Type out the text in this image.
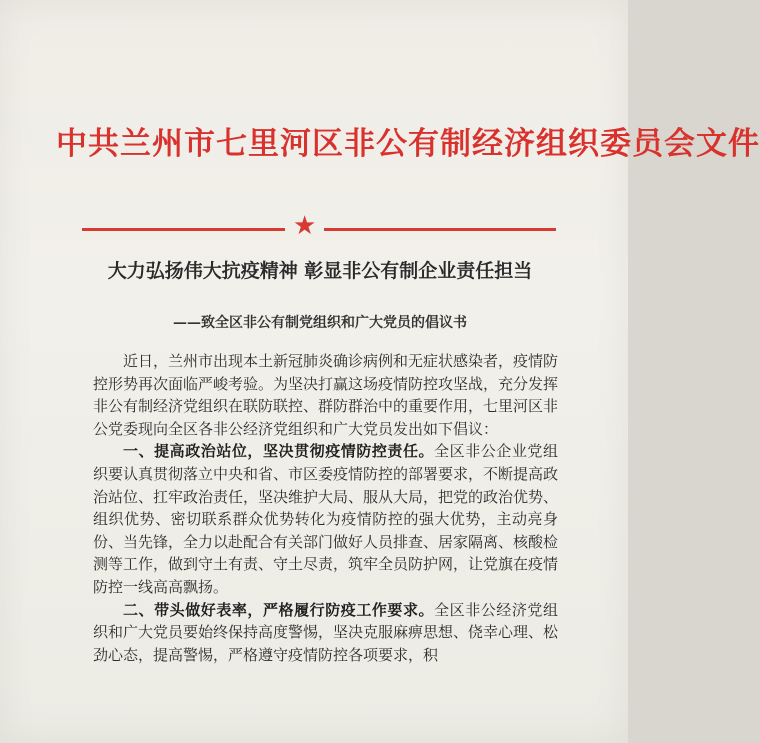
中共兰州市七里河区非公有制经济组织委员会文件
★
大力弘扬伟大抗疫精神 彰显非公有制企业责任担当
——致全区非公有制党组织和广大党员的倡议书

近日，兰州市出现本土新冠肺炎确诊病例和无症状感染者，疫情防控形势再次面临严峻考验。为坚决打赢这场疫情防控攻坚战，充分发挥非公有制经济党组织在联防联控、群防群治中的重要作用，七里河区非公党委现向全区各非公经济党组织和广大党员发出如下倡议：

一、提高政治站位，坚决贯彻疫情防控责任。全区非公企业党组织要认真贯彻落立中央和省、市区委疫情防控的部署要求，不断提高政治站位、扛牢政治责任，坚决维护大局、服从大局，把党的政治优势、组织优势、密切联系群众优势转化为疫情防控的强大优势，主动亮身份、当先锋，全力以赴配合有关部门做好人员排查、居家隔离、核酸检测等工作，做到守土有责、守土尽责，筑牢全员防护网，让党旗在疫情防控一线高高飘扬。

二、带头做好表率，严格履行防疫工作要求。全区非公经济党组织和广大党员要始终保持高度警惕，坚决克服麻痹思想、侥幸心理、松劲心态，提高警惕，严格遵守疫情防控各项要求，积
